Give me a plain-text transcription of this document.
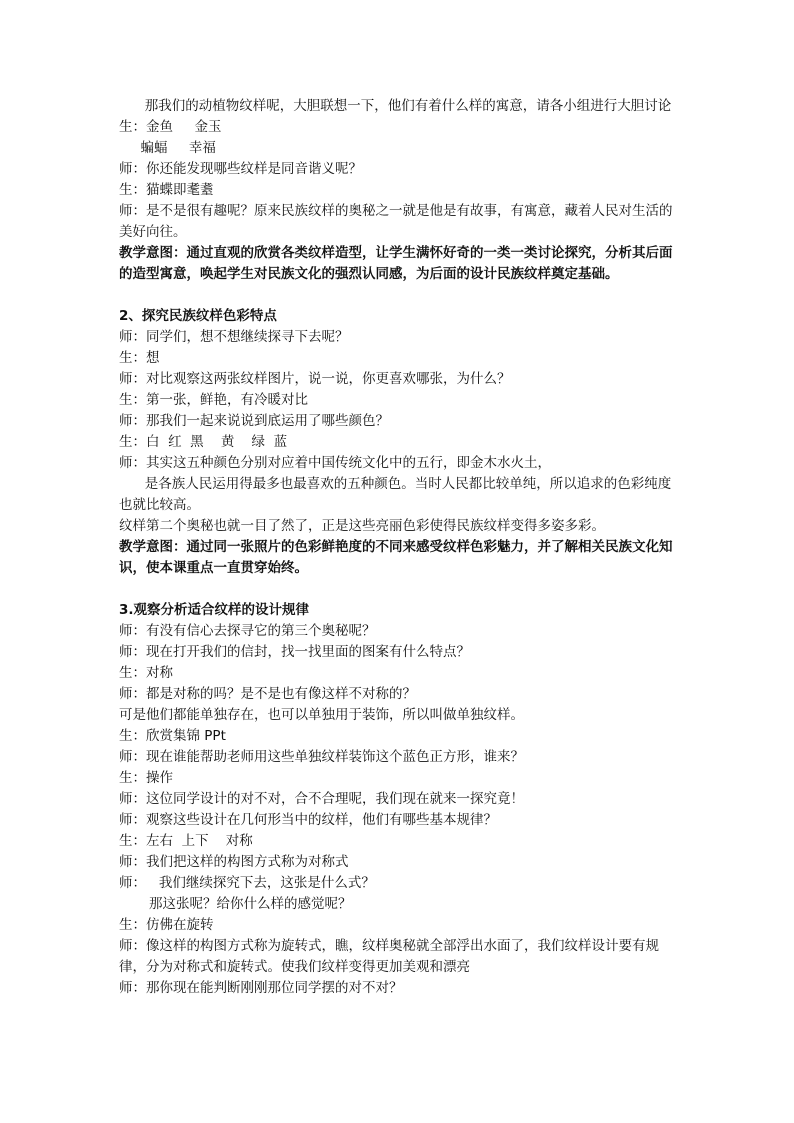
那我们的动植物纹样呢，大胆联想一下，他们有着什么样的寓意，请各小组进行大胆讨论
生：金鱼     金玉
蝙蝠     幸福
师：你还能发现哪些纹样是同音谐义呢？
生：猫蝶即耄耋
师：是不是很有趣呢？原来民族纹样的奥秘之一就是他是有故事，有寓意，藏着人民对生活的美好向往。
教学意图：通过直观的欣赏各类纹样造型，让学生满怀好奇的一类一类讨论探究，分析其后面的造型寓意，唤起学生对民族文化的强烈认同感，为后面的设计民族纹样奠定基础。
2、探究民族纹样色彩特点
师：同学们，想不想继续探寻下去呢？
生：想
师：对比观察这两张纹样图片，说一说，你更喜欢哪张，为什么？
生：第一张，鲜艳，有冷暖对比
师：那我们一起来说说到底运用了哪些颜色？
生：白  红  黑    黄    绿  蓝
师：其实这五种颜色分别对应着中国传统文化中的五行，即金木水火土，
是各族人民运用得最多也最喜欢的五种颜色。当时人民都比较单纯，所以追求的色彩纯度也就比较高。
纹样第二个奥秘也就一目了然了，正是这些亮丽色彩使得民族纹样变得多姿多彩。
教学意图：通过同一张照片的色彩鲜艳度的不同来感受纹样色彩魅力，并了解相关民族文化知识，使本课重点一直贯穿始终。
3.观察分析适合纹样的设计规律
师：有没有信心去探寻它的第三个奥秘呢？
师：现在打开我们的信封，找一找里面的图案有什么特点？
生：对称
师：都是对称的吗？是不是也有像这样不对称的？
可是他们都能单独存在，也可以单独用于装饰，所以叫做单独纹样。
生：欣赏集锦 PPt
师：现在谁能帮助老师用这些单独纹样装饰这个蓝色正方形，谁来？
生：操作
师：这位同学设计的对不对，合不合理呢，我们现在就来一探究竟！
师：观察这些设计在几何形当中的纹样，他们有哪些基本规律？
生：左右  上下    对称
师：我们把这样的构图方式称为对称式
师：   我们继续探究下去，这张是什么式？
那这张呢？给你什么样的感觉呢？
生：仿佛在旋转
师：像这样的构图方式称为旋转式，瞧，纹样奥秘就全部浮出水面了，我们纹样设计要有规律，分为对称式和旋转式。使我们纹样变得更加美观和漂亮
师：那你现在能判断刚刚那位同学摆的对不对？
